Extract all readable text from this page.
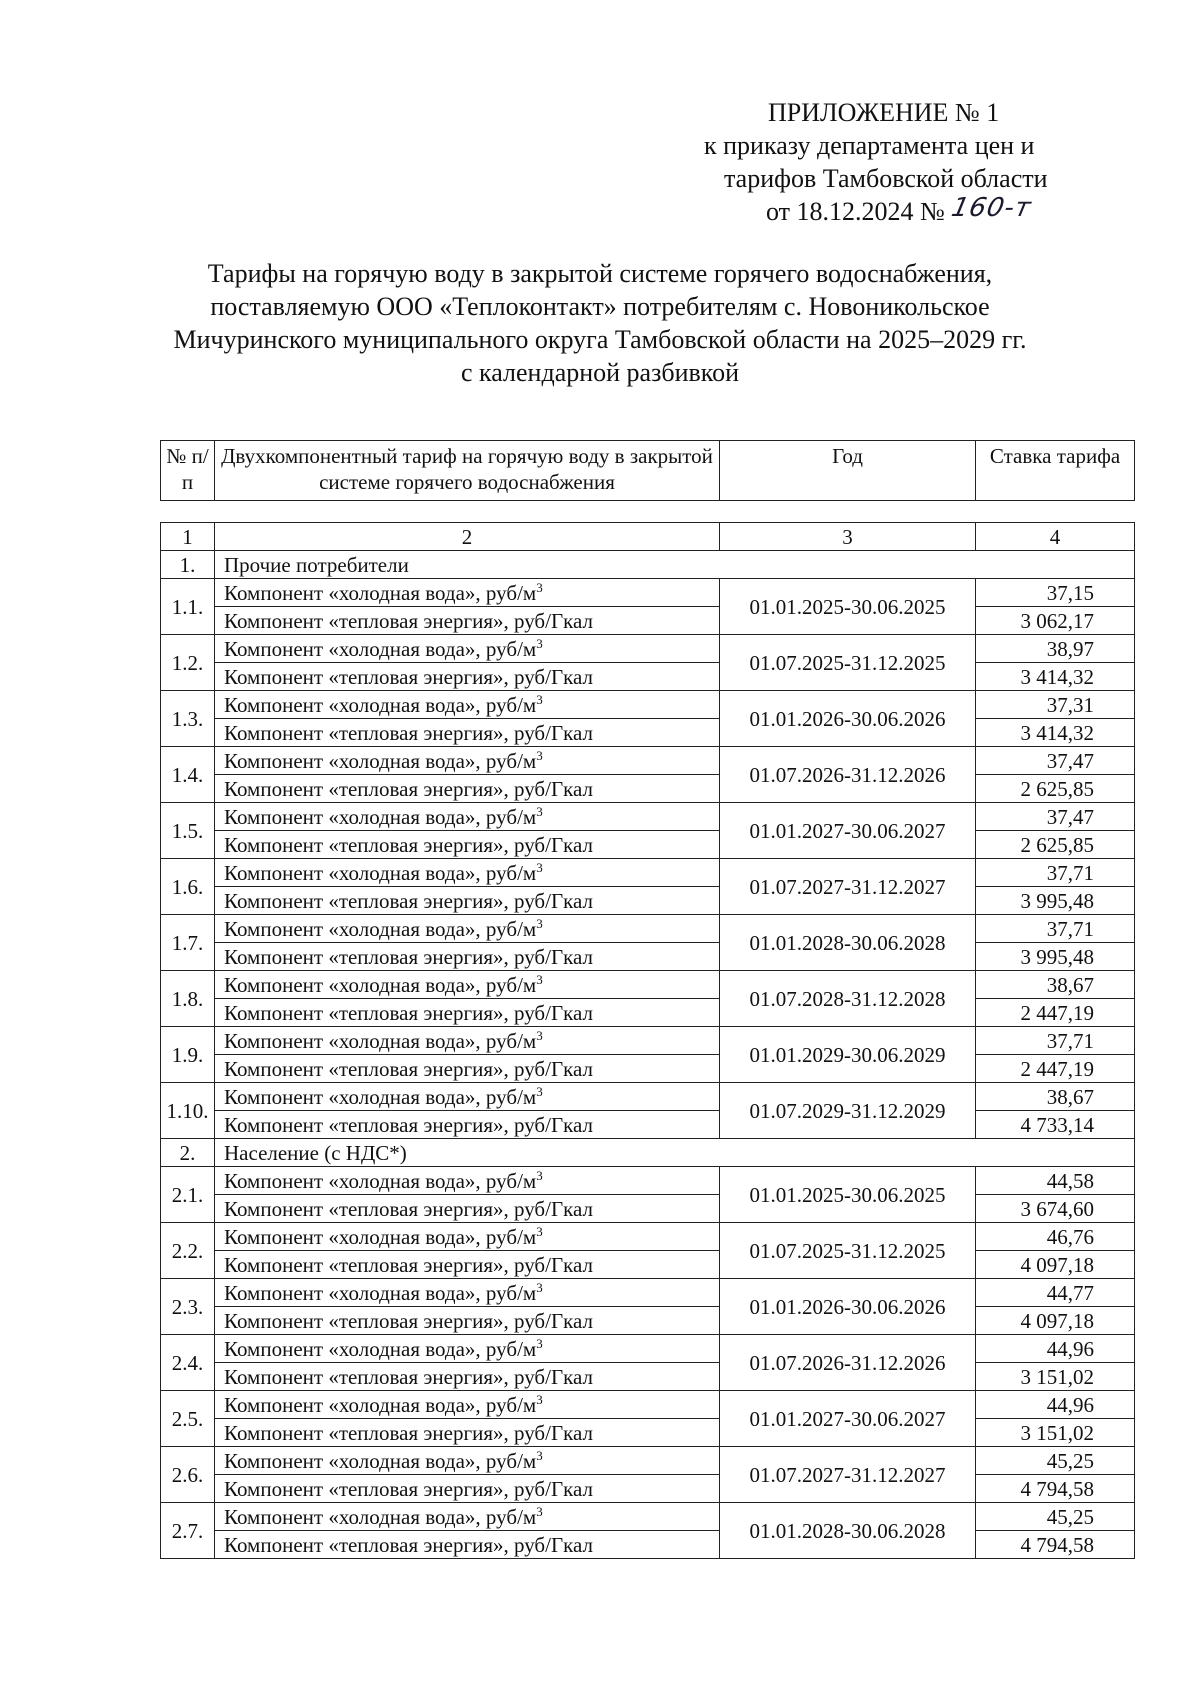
ПРИЛОЖЕНИЕ № 1
к приказу департамента цен и
тарифов Тамбовской области
от 18.12.2024 № 160-т
Тарифы на горячую воду в закрытой системе горячего водоснабжения,
поставляемую ООО «Теплоконтакт» потребителям с. Новоникольское
Мичуринского муниципального округа Тамбовской области на 2025–2029 гг.
с календарной разбивкой
№ п/п	Двухкомпонентный тариф на горячую воду в закрытой системе горячего водоснабжения	Год	Ставка тарифа
1	2	3	4
1.	Прочие потребители		
1.1.	Компонент «холодная вода», руб/$м^3$	01.01.2025-30.06.2025	37,15
	Компонент «тепловая энергия», руб/Гкал		3 062,17
1.2.	Компонент «холодная вода», руб/$м^3$	01.07.2025-31.12.2025	38,97
	Компонент «тепловая энергия», руб/Гкал		3 414,32
1.3.	Компонент «холодная вода», руб/$м^3$	01.01.2026-30.06.2026	37,31
	Компонент «тепловая энергия», руб/Гкал		3 414,32
1.4.	Компонент «холодная вода», руб/$м^3$	01.07.2026-31.12.2026	37,47
	Компонент «тепловая энергия», руб/Гкал		2 625,85
1.5.	Компонент «холодная вода», руб/$м^3$	01.01.2027-30.06.2027	37,47
	Компонент «тепловая энергия», руб/Гкал		2 625,85
1.6.	Компонент «холодная вода», руб/$м^3$	01.07.2027-31.12.2027	37,71
	Компонент «тепловая энергия», руб/Гкал		3 995,48
1.7.	Компонент «холодная вода», руб/$м^3$	01.01.2028-30.06.2028	37,71
	Компонент «тепловая энергия», руб/Гкал		3 995,48
1.8.	Компонент «холодная вода», руб/$м^3$	01.07.2028-31.12.2028	38,67
	Компонент «тепловая энергия», руб/Гкал		2 447,19
1.9.	Компонент «холодная вода», руб/$м^3$	01.01.2029-30.06.2029	37,71
	Компонент «тепловая энергия», руб/Гкал		2 447,19
1.10.	Компонент «холодная вода», руб/$м^3$	01.07.2029-31.12.2029	38,67
	Компонент «тепловая энергия», руб/Гкал		4 733,14
2.	Население (с НДС*)		
2.1.	Компонент «холодная вода», руб/$м^3$	01.01.2025-30.06.2025	44,58
	Компонент «тепловая энергия», руб/Гкал		3 674,60
2.2.	Компонент «холодная вода», руб/$м^3$	01.07.2025-31.12.2025	46,76
	Компонент «тепловая энергия», руб/Гкал		4 097,18
2.3.	Компонент «холодная вода», руб/$м^3$	01.01.2026-30.06.2026	44,77
	Компонент «тепловая энергия», руб/Гкал		4 097,18
2.4.	Компонент «холодная вода», руб/$м^3$	01.07.2026-31.12.2026	44,96
	Компонент «тепловая энергия», руб/Гкал		3 151,02
2.5.	Компонент «холодная вода», руб/$м^3$	01.01.2027-30.06.2027	44,96
	Компонент «тепловая энергия», руб/Гкал		3 151,02
2.6.	Компонент «холодная вода», руб/$м^3$	01.07.2027-31.12.2027	45,25
	Компонент «тепловая энергия», руб/Гкал		4 794,58
2.7.	Компонент «холодная вода», руб/$м^3$	01.01.2028-30.06.2028	45,25
	Компонент «тепловая энергия», руб/Гкал		4 794,58
